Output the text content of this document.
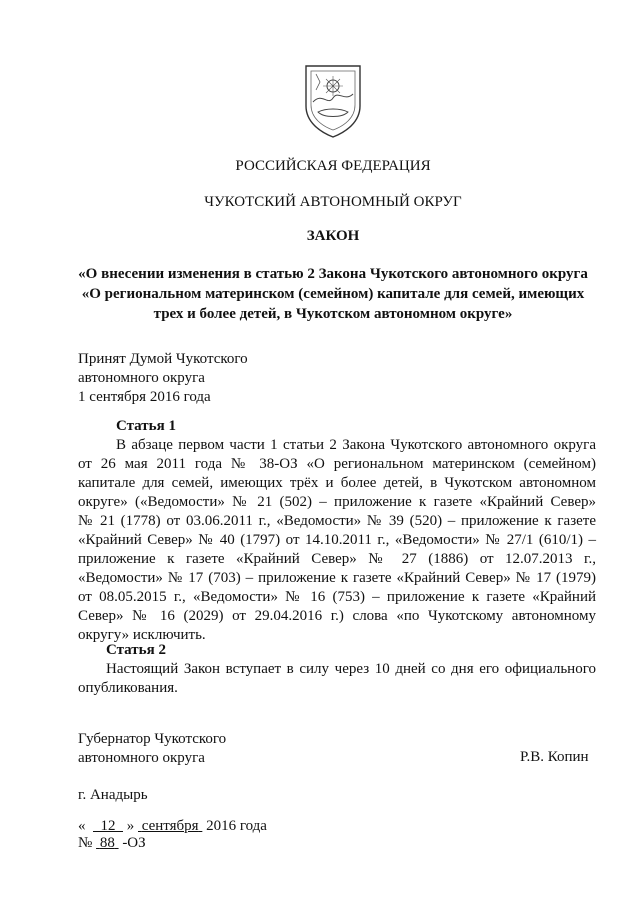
РОССИЙСКАЯ ФЕДЕРАЦИЯ
ЧУКОТСКИЙ АВТОНОМНЫЙ ОКРУГ
ЗАКОН
«О внесении изменения в статью 2 Закона Чукотского автономного округа
«О региональном материнском (семейном) капитале для семей, имеющих
трех и более детей, в Чукотском автономном округе»
Принят Думой Чукотского
автономного округа
1 сентября 2016 года
Статья 1
В абзаце первом части 1 статьи 2 Закона Чукотского автономного округа
от 26 мая 2011 года № 38-ОЗ «О региональном материнском (семейном)
капитале для семей, имеющих трёх и более детей, в Чукотском автономном
округе» («Ведомости» № 21 (502) – приложение к газете «Крайний Север»
№ 21 (1778) от 03.06.2011 г., «Ведомости» № 39 (520) – приложение к газете
«Крайний Север» № 40 (1797) от 14.10.2011 г., «Ведомости» № 27/1 (610/1) –
приложение к газете «Крайний Север» № 27 (1886) от 12.07.2013 г.,
«Ведомости» № 17 (703) – приложение к газете «Крайний Север» № 17 (1979)
от 08.05.2015 г., «Ведомости» № 16 (753) – приложение к газете «Крайний
Север» № 16 (2029) от 29.04.2016 г.) слова «по Чукотскому автономному
округу» исключить.
Статья 2
Настоящий Закон вступает в силу через 10 дней со дня его официального
опубликования.
Губернатор Чукотского
автономного округа	Р.В. Копин
г. Анадырь
« 12 » сентября 2016 года
№ 88 -ОЗ
